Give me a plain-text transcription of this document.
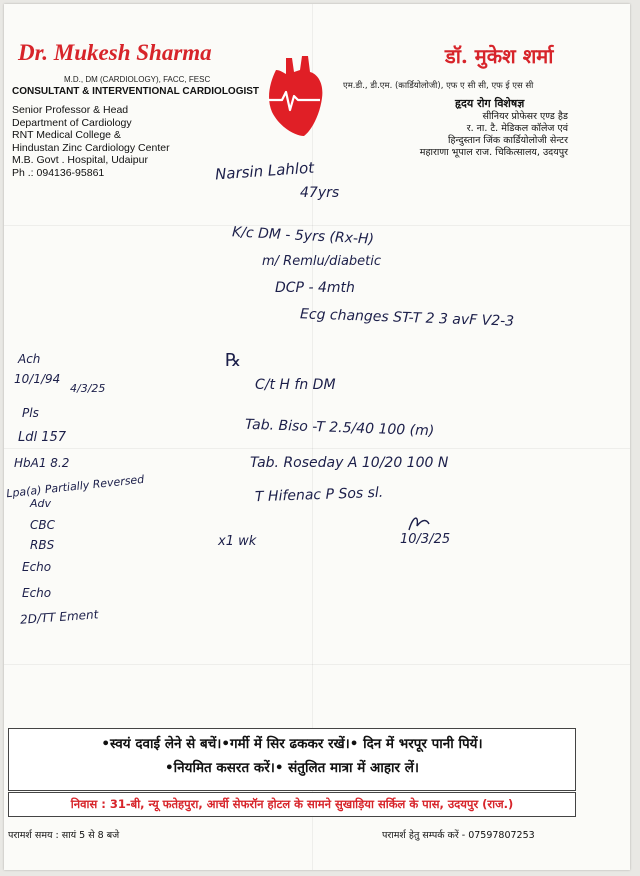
Dr. Mukesh Sharma
M.D., DM (CARDIOLOGY), FACC, FESC
CONSULTANT & INTERVENTIONAL CARDIOLOGIST
Senior Professor & Head
Department of Cardiology
RNT Medical College &
Hindustan Zinc Cardiology Center
M.B. Govt . Hospital, Udaipur
Ph .: 094136-95861
डॉ. मुकेश शर्मा
एम.डी., डी.एम. (कार्डियोलोजी), एफ ए सी सी, एफ ई एस सी
हृदय रोग विशेषज्ञ
सीनियर प्रोफेसर एण्ड हैड
र. ना. टै. मेडिकल कॉलेज एवं
हिन्दुस्तान जिंक कार्डियोलोजी सेन्टर
महाराणा भूपाल राज. चिकित्सालय, उदयपुर
Narsin Lahlot
47yrs
K/c DM - 5yrs (Rx-H)
m/ Remlu/diabetic
DCP - 4mth
Ecg changes ST-T 2 3 avF V2-3
℞
C/t H fn DM
Tab. Biso -T 2.5/40 100 (m)
Tab. Roseday A 10/20 100 N
T Hifenac P Sos sl.
x1 wk	10/3/25
Ach
10/1/94
4/3/25
Pls
Ldl 157
HbA1 8.2
Lpa(a) Partially Reversed
Adv
CBC
RBS
Echo
Echo
2D/TT Ement
•स्वयं दवाई लेने से बचें।•गर्मी में सिर ढककर रखें।• दिन में भरपूर पानी पियें।
•नियमित कसरत करें।• संतुलित मात्रा में आहार लें।
निवास : 31-बी, न्यू फतेहपुरा, आर्ची सेफरॉन होटल के सामने सुखाड़िया सर्किल के पास, उदयपुर (राज.)
परामर्श समय : सायं 5 से 8 बजे	परामर्श हेतु सम्पर्क करें - 07597807253
